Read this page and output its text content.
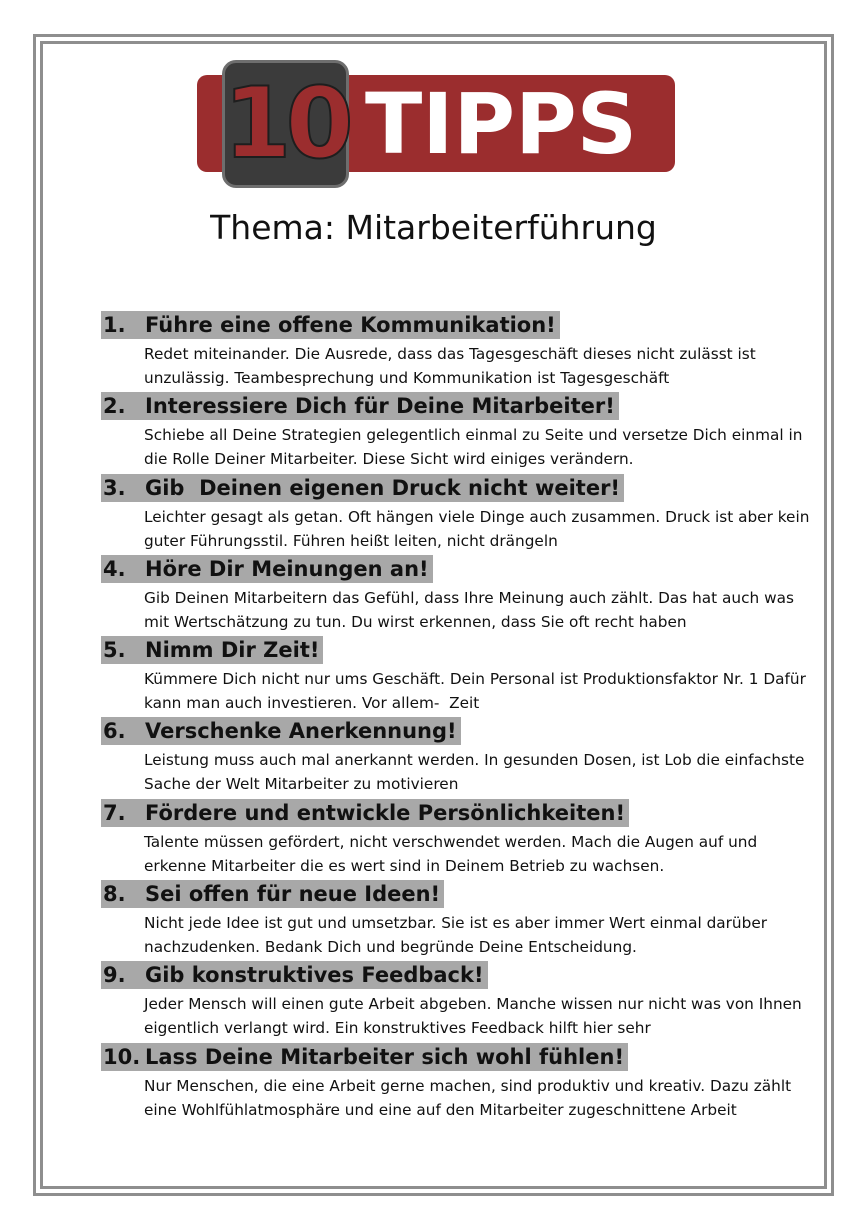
10 TIPPS
Thema: Mitarbeiterführung
1. Führe eine offene Kommunikation!
Redet miteinander. Die Ausrede, dass das Tagesgeschäft dieses nicht zulässt ist unzulässig. Teambesprechung und Kommunikation ist Tagesgeschäft
2. Interessiere Dich für Deine Mitarbeiter!
Schiebe all Deine Strategien gelegentlich einmal zu Seite und versetze Dich einmal in die Rolle Deiner Mitarbeiter. Diese Sicht wird einiges verändern.
3. Gib  Deinen eigenen Druck nicht weiter!
Leichter gesagt als getan. Oft hängen viele Dinge auch zusammen. Druck ist aber kein guter Führungsstil. Führen heißt leiten, nicht drängeln
4. Höre Dir Meinungen an!
Gib Deinen Mitarbeitern das Gefühl, dass Ihre Meinung auch zählt. Das hat auch was mit Wertschätzung zu tun. Du wirst erkennen, dass Sie oft recht haben
5. Nimm Dir Zeit!
Kümmere Dich nicht nur ums Geschäft. Dein Personal ist Produktionsfaktor Nr. 1 Dafür kann man auch investieren. Vor allem-  Zeit
6. Verschenke Anerkennung!
Leistung muss auch mal anerkannt werden. In gesunden Dosen, ist Lob die einfachste Sache der Welt Mitarbeiter zu motivieren
7. Fördere und entwickle Persönlichkeiten!
Talente müssen gefördert, nicht verschwendet werden. Mach die Augen auf und erkenne Mitarbeiter die es wert sind in Deinem Betrieb zu wachsen.
8. Sei offen für neue Ideen!
Nicht jede Idee ist gut und umsetzbar. Sie ist es aber immer Wert einmal darüber nachzudenken. Bedank Dich und begründe Deine Entscheidung.
9. Gib konstruktives Feedback!
Jeder Mensch will einen gute Arbeit abgeben. Manche wissen nur nicht was von Ihnen eigentlich verlangt wird. Ein konstruktives Feedback hilft hier sehr
10. Lass Deine Mitarbeiter sich wohl fühlen!
Nur Menschen, die eine Arbeit gerne machen, sind produktiv und kreativ. Dazu zählt eine Wohlfühlatmosphäre und eine auf den Mitarbeiter zugeschnittene Arbeit
